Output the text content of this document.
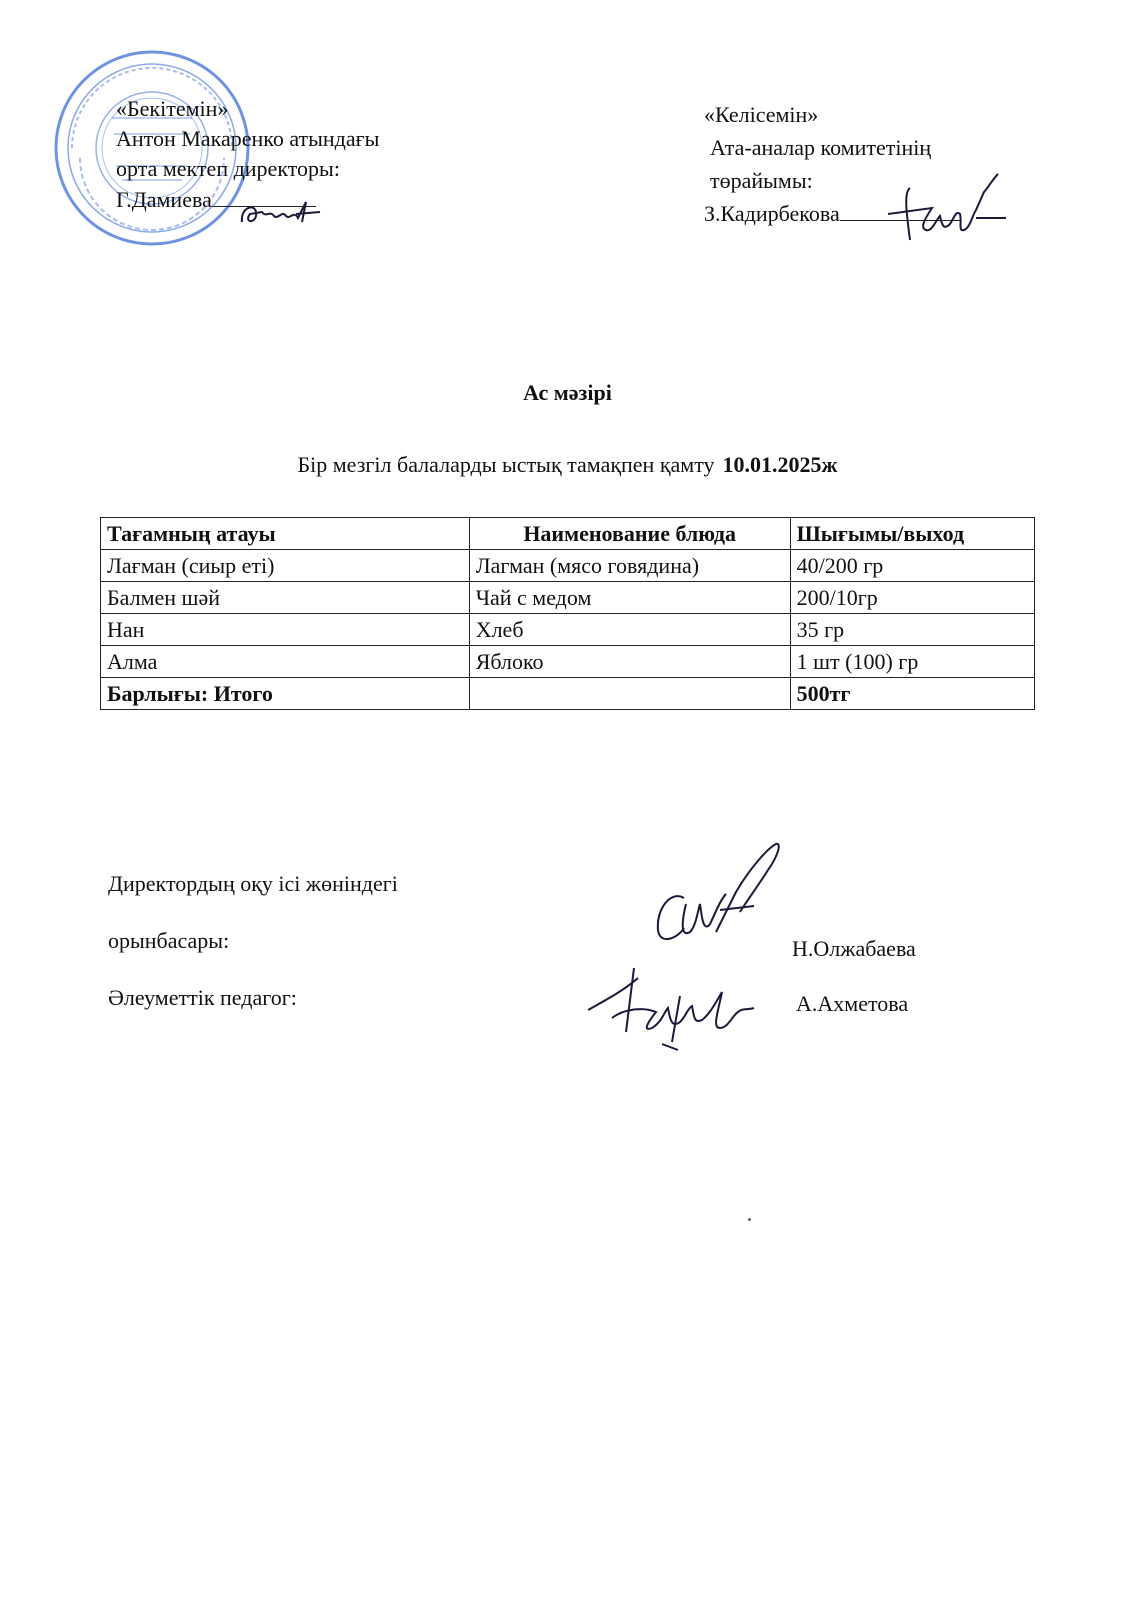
«Бекітемін»
Антон Макаренко атындағы
орта мектеп директоры:
Г.Дамиева
«Келісемін»
Ата-аналар комитетінің
төрайымы:
З.Кадирбекова
Ас мәзірі
Бір мезгіл балаларды ыстық тамақпен қамту 10.01.2025ж
Тағамның атауы	Наименование блюда	Шығымы/выход
Лағман (сиыр еті)	Лагман (мясо говядина)	40/200 гр
Балмен шәй	Чай с медом	200/10гр
Нан	Хлеб	35 гр
Алма	Яблоко	1 шт (100) гр
Барлығы: Итого		500тг
Директордың оқу ісі жөніндегі
орынбасары:
Әлеуметтік педагог:
Н.Олжабаева
А.Ахметова
